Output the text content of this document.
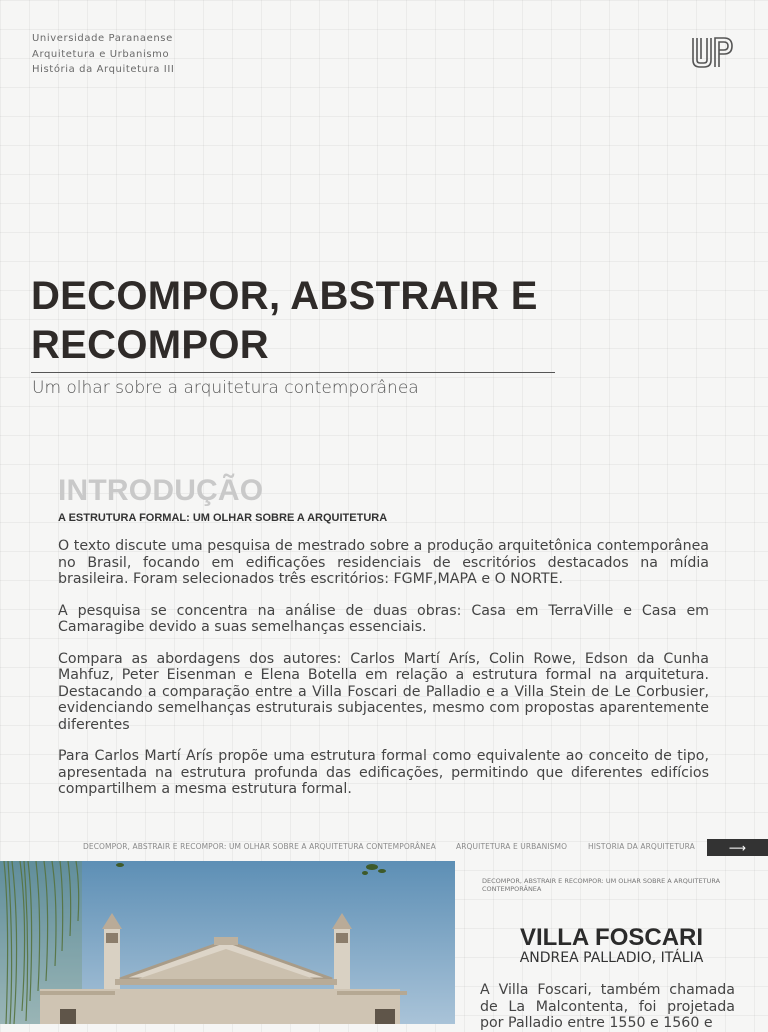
Universidade Paranaense
Arquitetura e Urbanismo
História da Arquitetura III
DECOMPOR, ABSTRAIR E
RECOMPOR
Um olhar sobre a arquitetura contemporânea
INTRODUÇÃO
A ESTRUTURA FORMAL: UM OLHAR SOBRE A ARQUITETURA

O texto discute uma pesquisa de mestrado sobre a produção arquitetônica contemporânea no Brasil, focando em edificações residenciais de escritórios destacados na mídia brasileira. Foram selecionados três escritórios: FGMF,MAPA e O NORTE.

A pesquisa se concentra na análise de duas obras: Casa em TerraVille e Casa em Camaragibe devido a suas semelhanças essenciais.

Compara as abordagens dos autores: Carlos Martí Arís, Colin Rowe, Edson da Cunha Mahfuz, Peter Eisenman e Elena Botella em relação a estrutura formal na arquitetura. Destacando a comparação entre a Villa Foscari de Palladio e a Villa Stein de Le Corbusier, evidenciando semelhanças estruturais subjacentes, mesmo com propostas aparentemente diferentes

Para Carlos Martí Arís propõe uma estrutura formal como equivalente ao conceito de tipo, apresentada na estrutura profunda das edificações, permitindo que diferentes edifícios compartilhem a mesma estrutura formal.

DECOMPOR, ABSTRAIR E RECOMPOR: UM OLHAR SOBRE A ARQUITETURA CONTEMPORÂNEA	ARQUITETURA E URBANISMO	HISTORIA DA ARQUITETURA	⟶
DECOMPOR, ABSTRAIR E RECOMPOR: UM OLHAR SOBRE A ARQUITETURA CONTEMPORÂNEA
VILLA FOSCARI
ANDREA PALLADIO, ITÁLIA

A Villa Foscari, também chamada de La Malcontenta, foi projetada por Palladio entre 1550 e 1560 e
